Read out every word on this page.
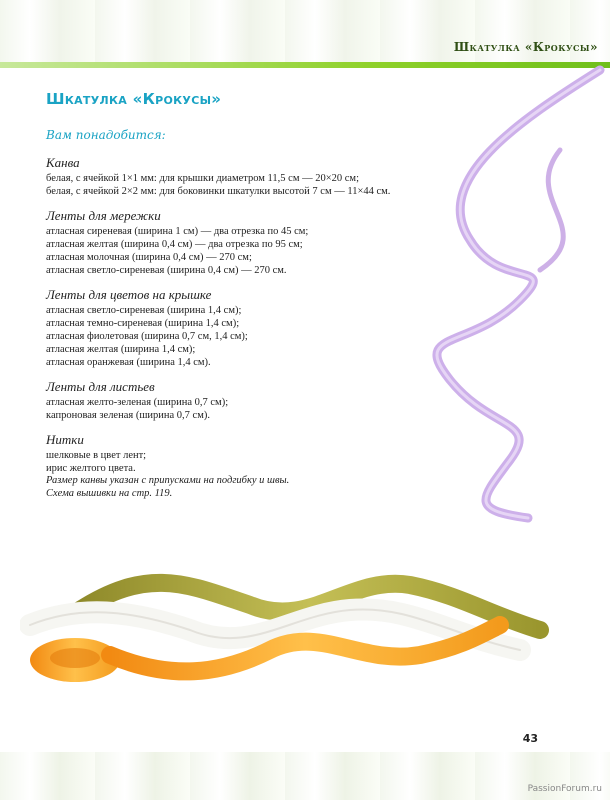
Шкатулка «Крокусы»
Шкатулка «Крокусы»
Вам понадобится:
Канва
белая, с ячейкой 1×1 мм: для крышки диаметром 11,5 см — 20×20 см;
белая, с ячейкой 2×2 мм: для боковинки шкатулки высотой 7 см — 11×44 см.
Ленты для мережки
атласная сиреневая (ширина 1 см) — два отрезка по 45 см;
атласная желтая (ширина 0,4 см) — два отрезка по 95 см;
атласная молочная (ширина 0,4 см) — 270 см;
атласная светло-сиреневая (ширина 0,4 см) — 270 см.
Ленты для цветов на крышке
атласная светло-сиреневая (ширина 1,4 см);
атласная темно-сиреневая (ширина 1,4 см);
атласная фиолетовая (ширина 0,7 см, 1,4 см);
атласная желтая (ширина 1,4 см);
атласная оранжевая (ширина 1,4 см).
Ленты для листьев
атласная желто-зеленая (ширина 0,7 см);
капроновая зеленая (ширина 0,7 см).
Нитки
шелковые в цвет лент;
ирис желтого цвета.
Размер канвы указан с припусками на подгибку и швы.
Схема вышивки на стр. 119.
43
PassionForum.ru
